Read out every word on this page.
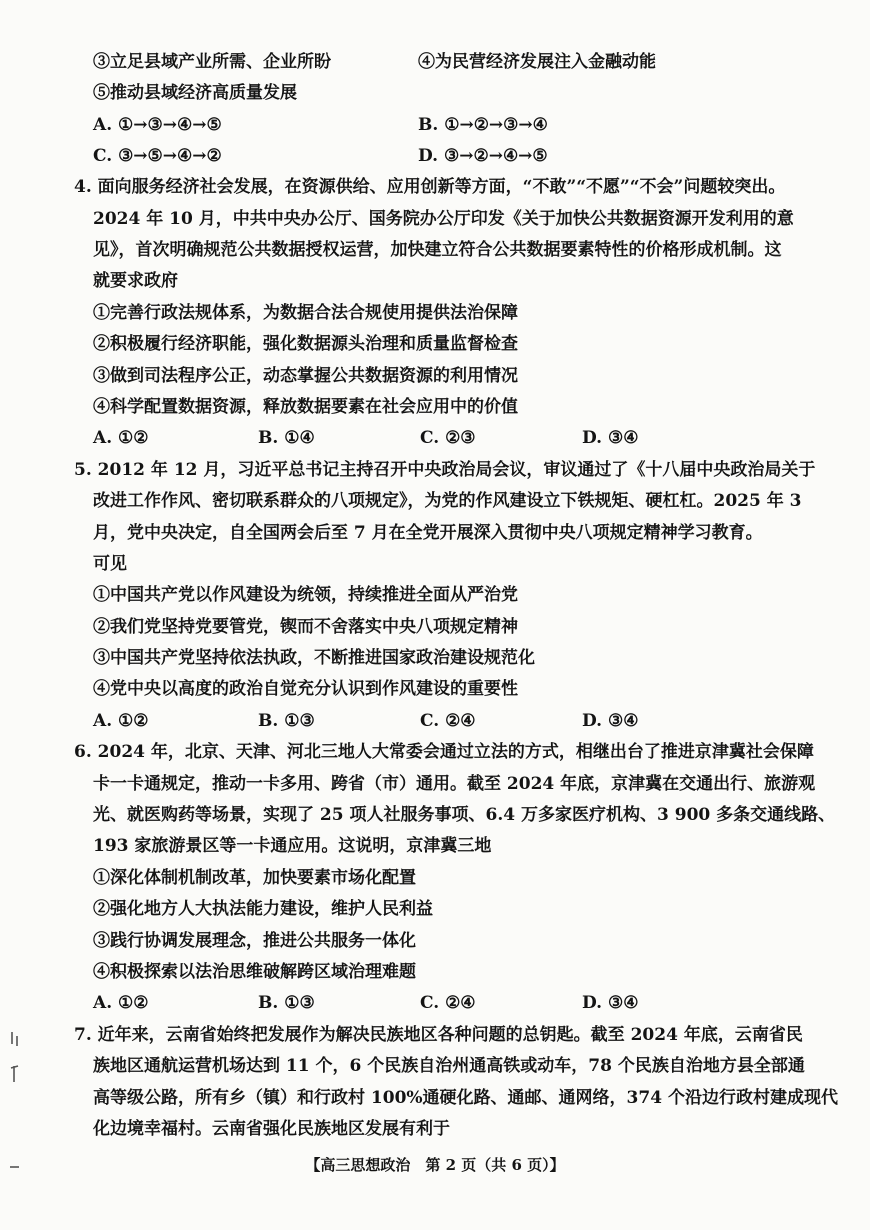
③立足县域产业所需、企业所盼	④为民营经济发展注入金融动能
⑤推动县域经济高质量发展
A. ①→③→④→⑤	B. ①→②→③→④
C. ③→⑤→④→②	D. ③→②→④→⑤
4. 面向服务经济社会发展，在资源供给、应用创新等方面，“不敢”“不愿”“不会”问题较突出。
2024 年 10 月，中共中央办公厅、国务院办公厅印发《关于加快公共数据资源开发利用的意
见》，首次明确规范公共数据授权运营，加快建立符合公共数据要素特性的价格形成机制。这
就要求政府
①完善行政法规体系，为数据合法合规使用提供法治保障
②积极履行经济职能，强化数据源头治理和质量监督检查
③做到司法程序公正，动态掌握公共数据资源的利用情况
④科学配置数据资源，释放数据要素在社会应用中的价值
A. ①②	B. ①④	C. ②③	D. ③④
5. 2012 年 12 月，习近平总书记主持召开中央政治局会议，审议通过了《十八届中央政治局关于
改进工作作风、密切联系群众的八项规定》，为党的作风建设立下铁规矩、硬杠杠。2025 年 3
月，党中央决定，自全国两会后至 7 月在全党开展深入贯彻中央八项规定精神学习教育。
可见
①中国共产党以作风建设为统领，持续推进全面从严治党
②我们党坚持党要管党，锲而不舍落实中央八项规定精神
③中国共产党坚持依法执政，不断推进国家政治建设规范化
④党中央以高度的政治自觉充分认识到作风建设的重要性
A. ①②	B. ①③	C. ②④	D. ③④
6. 2024 年，北京、天津、河北三地人大常委会通过立法的方式，相继出台了推进京津冀社会保障
卡一卡通规定，推动一卡多用、跨省（市）通用。截至 2024 年底，京津冀在交通出行、旅游观
光、就医购药等场景，实现了 25 项人社服务事项、6.4 万多家医疗机构、3 900 多条交通线路、
193 家旅游景区等一卡通应用。这说明，京津冀三地
①深化体制机制改革，加快要素市场化配置
②强化地方人大执法能力建设，维护人民利益
③践行协调发展理念，推进公共服务一体化
④积极探索以法治思维破解跨区域治理难题
A. ①②	B. ①③	C. ②④	D. ③④
7. 近年来，云南省始终把发展作为解决民族地区各种问题的总钥匙。截至 2024 年底，云南省民
族地区通航运营机场达到 11 个，6 个民族自治州通高铁或动车，78 个民族自治地方县全部通
高等级公路，所有乡（镇）和行政村 100%通硬化路、通邮、通网络，374 个沿边行政村建成现代
化边境幸福村。云南省强化民族地区发展有利于
【高三思想政治　第 2 页（共 6 页）】
